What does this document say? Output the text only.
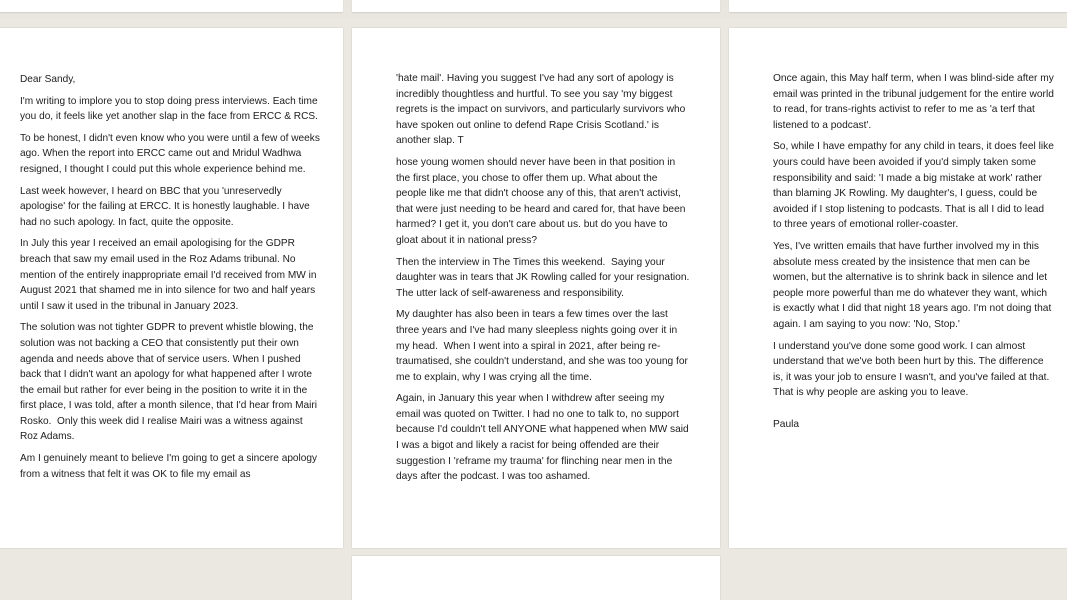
Dear Sandy,

I'm writing to implore you to stop doing press interviews. Each time you do, it feels like yet another slap in the face from ERCC & RCS.

To be honest, I didn't even know who you were until a few of weeks ago. When the report into ERCC came out and Mridul Wadhwa resigned, I thought I could put this whole experience behind me.

Last week however, I heard on BBC that you 'unreservedly apologise' for the failing at ERCC. It is honestly laughable. I have had no such apology. In fact, quite the opposite.

In July this year I received an email apologising for the GDPR breach that saw my email used in the Roz Adams tribunal. No mention of the entirely inappropriate email I'd received from MW in August 2021 that shamed me in into silence for two and half years until I saw it used in the tribunal in January 2023.

The solution was not tighter GDPR to prevent whistle blowing, the solution was not backing a CEO that consistently put their own agenda and needs above that of service users. When I pushed back that I didn't want an apology for what happened after I wrote the email but rather for ever being in the position to write it in the first place, I was told, after a month silence, that I'd hear from Mairi Rosko.  Only this week did I realise Mairi was a witness against Roz Adams.

Am I genuinely meant to believe I'm going to get a sincere apology from a witness that felt it was OK to file my email as

'hate mail'. Having you suggest I've had any sort of apology is incredibly thoughtless and hurtful. To see you say 'my biggest regrets is the impact on survivors, and particularly survivors who have spoken out online to defend Rape Crisis Scotland.' is another slap. T

hose young women should never have been in that position in the first place, you chose to offer them up. What about the people like me that didn't choose any of this, that aren't activist, that were just needing to be heard and cared for, that have been harmed? I get it, you don't care about us. but do you have to gloat about it in national press?

Then the interview in The Times this weekend.  Saying your daughter was in tears that JK Rowling called for your resignation. The utter lack of self-awareness and responsibility.

My daughter has also been in tears a few times over the last three years and I've had many sleepless nights going over it in my head.  When I went into a spiral in 2021, after being re-traumatised, she couldn't understand, and she was too young for me to explain, why I was crying all the time.

Again, in January this year when I withdrew after seeing my email was quoted on Twitter. I had no one to talk to, no support because I'd couldn't tell ANYONE what happened when MW said I was a bigot and likely a racist for being offended are their suggestion I 'reframe my trauma' for flinching near men in the days after the podcast. I was too ashamed.

Once again, this May half term, when I was blind-side after my email was printed in the tribunal judgement for the entire world to read, for trans-rights activist to refer to me as 'a terf that listened to a podcast'.

So, while I have empathy for any child in tears, it does feel like yours could have been avoided if you'd simply taken some responsibility and said: 'I made a big mistake at work' rather than blaming JK Rowling. My daughter's, I guess, could be avoided if I stop listening to podcasts. That is all I did to lead to three years of emotional roller-coaster.

Yes, I've written emails that have further involved my in this absolute mess created by the insistence that men can be women, but the alternative is to shrink back in silence and let people more powerful than me do whatever they want, which is exactly what I did that night 18 years ago. I'm not doing that again. I am saying to you now: 'No, Stop.'

I understand you've done some good work. I can almost understand that we've both been hurt by this. The difference is, it was your job to ensure I wasn't, and you've failed at that. That is why people are asking you to leave.

Paula
